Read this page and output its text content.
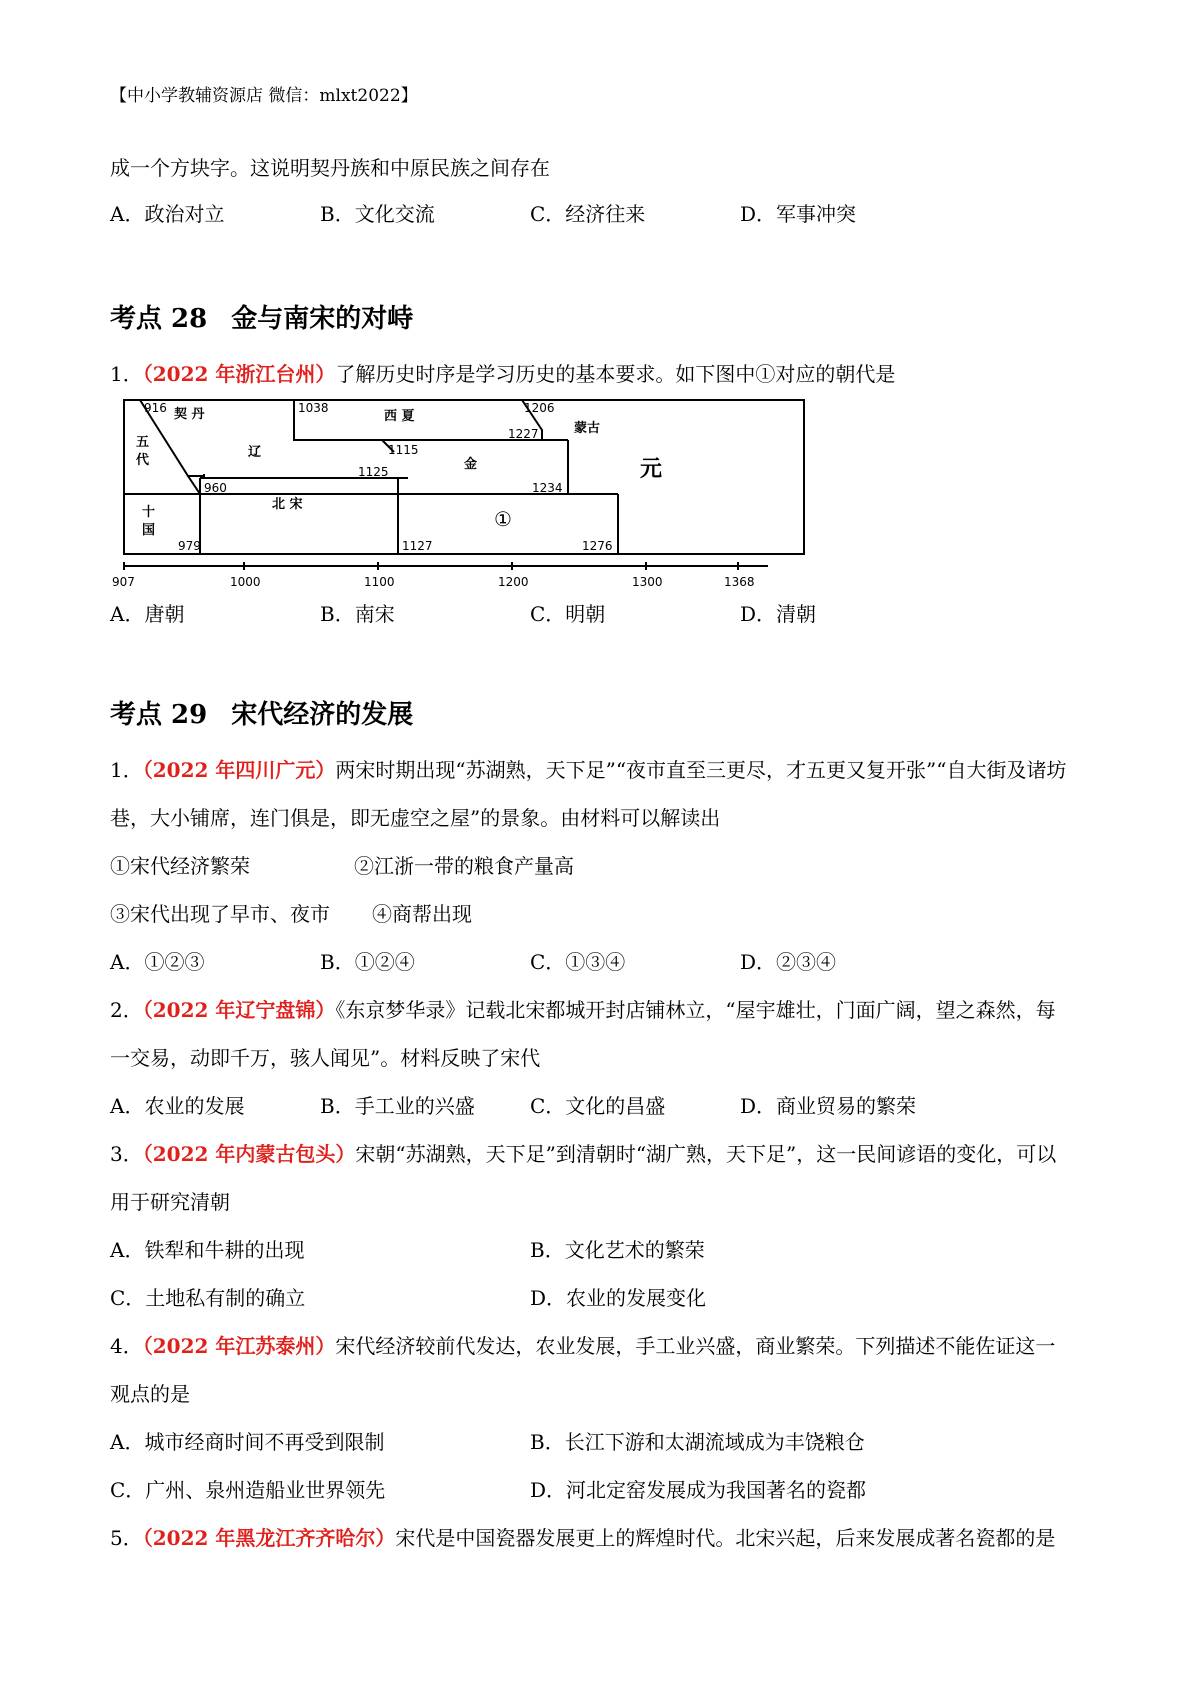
【中小学教辅资源店 微信：mlxt2022】
成一个方块字。这说明契丹族和中原民族之间存在
A．政治对立	B．文化交流	C．经济往来	D．军事冲突
考点 28 金与南宋的对峙
1．（2022 年浙江台州）了解历史时序是学习历史的基本要求。如下图中①对应的朝代是
916	1038	1206
1227
1115
1125
960	1234
979	1127	1276
五
代
契 丹
辽
西 夏
蒙古
金
十
国
北 宋
元
①
907	1000	1100	1200	1300	1368
A．唐朝	B．南宋	C．明朝	D．清朝
考点 29 宋代经济的发展
1．（2022 年四川广元）两宋时期出现“苏湖熟，天下足”“夜市直至三更尽，才五更又复开张”“自大街及诸坊
巷，大小铺席，连门俱是，即无虚空之屋”的景象。由材料可以解读出
①宋代经济繁荣	②江浙一带的粮食产量高
③宋代出现了早市、夜市 ④商帮出现
A．①②③	B．①②④	C．①③④	D．②③④
2．（2022 年辽宁盘锦）《东京梦华录》记载北宋都城开封店铺林立，“屋宇雄壮，门面广阔，望之森然，每
一交易，动即千万，骇人闻见”。材料反映了宋代
A．农业的发展	B．手工业的兴盛	C．文化的昌盛	D．商业贸易的繁荣
3．（2022 年内蒙古包头）宋朝“苏湖熟，天下足”到清朝时“湖广熟，天下足”，这一民间谚语的变化，可以
用于研究清朝
A．铁犁和牛耕的出现	B．文化艺术的繁荣
C．土地私有制的确立	D．农业的发展变化
4．（2022 年江苏泰州）宋代经济较前代发达，农业发展，手工业兴盛，商业繁荣。下列描述不能佐证这一
观点的是
A．城市经商时间不再受到限制	B．长江下游和太湖流域成为丰饶粮仓
C．广州、泉州造船业世界领先	D．河北定窑发展成为我国著名的瓷都
5．（2022 年黑龙江齐齐哈尔）宋代是中国瓷器发展更上的辉煌时代。北宋兴起，后来发展成著名瓷都的是
